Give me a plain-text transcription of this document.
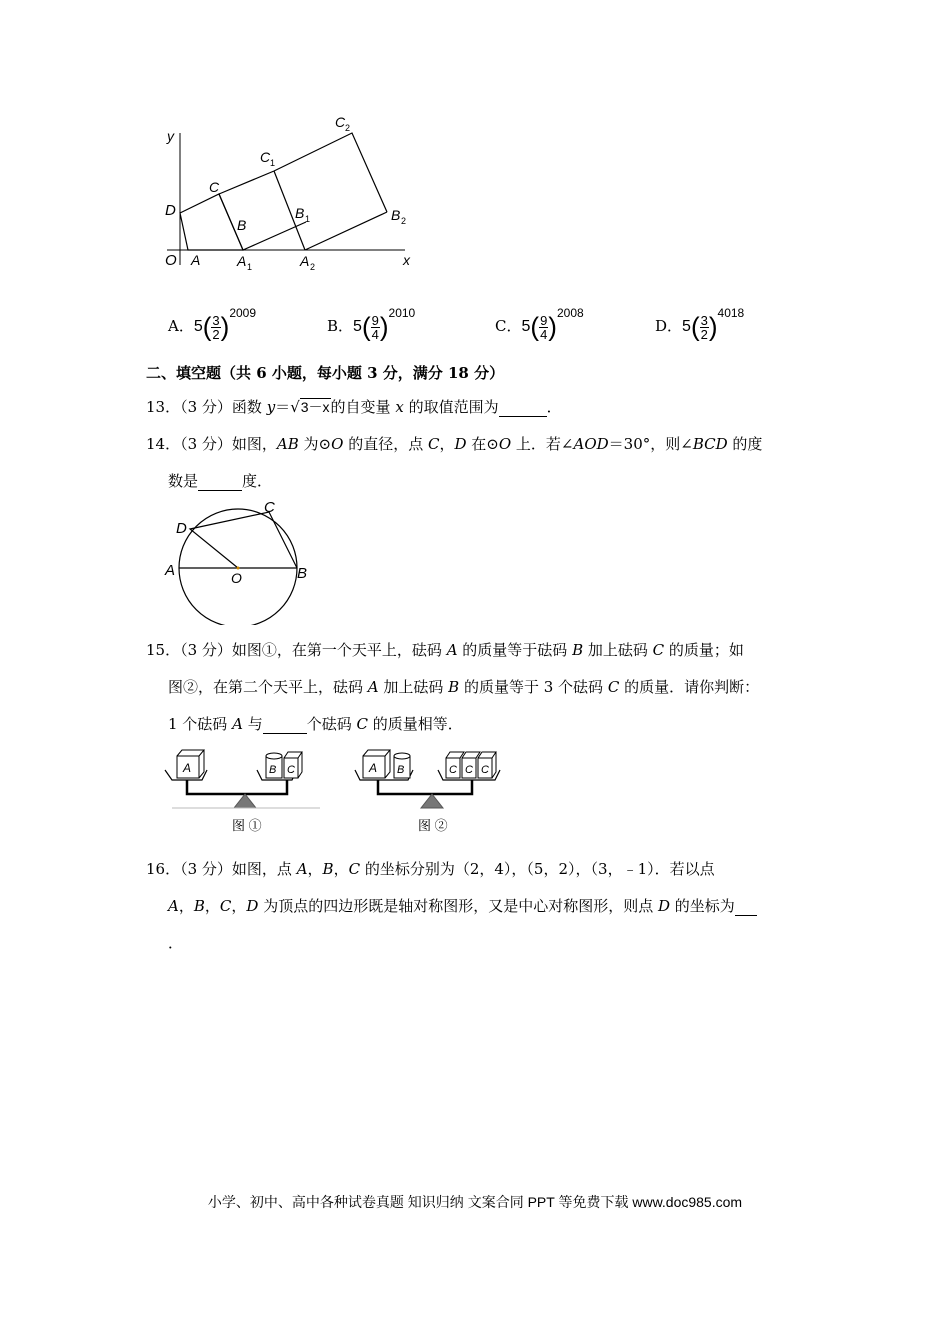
y
x
O A	A 1	A 2
B
B 1	B 2
C
C 1
C 2
D
A．$5( \frac{3}{2} )^{2009}$
B．$5( \frac{9}{4} )^{2010}$
C．$5( \frac{9}{4} )^{2008}$
D．$5( \frac{3}{2} )^{4018}$
二、填空题（共 6 小题，每小题 3 分，满分 18 分）
13．（3 分）函数 y＝√3－x的自变量 x 的取值范围为	．
14．（3 分）如图，AB 为⊙O 的直径，点 C，D 在⊙O 上．若∠AOD＝30°，则∠BCD 的度
数是	度．
A	B
C
D
O
15．（3 分）如图①，在第一个天平上，砝码 A 的质量等于砝码 B 加上砝码 C 的质量；如
图②，在第二个天平上，砝码 A 加上砝码 B 的质量等于 3 个砝码 C 的质量．请你判断：
1 个砝码 A 与	个砝码 C 的质量相等．
A	B C
图 ①
A B	C C C
图 ②
16．（3 分）如图，点 A，B，C 的坐标分别为（2，4），（5，2），（3，﹣1）．若以点
A，B，C，D 为顶点的四边形既是轴对称图形，又是中心对称图形，则点 D 的坐标为
．
小学、初中、高中各种试卷真题 知识归纳 文案合同 PPT 等免费下载 www.doc985.com
